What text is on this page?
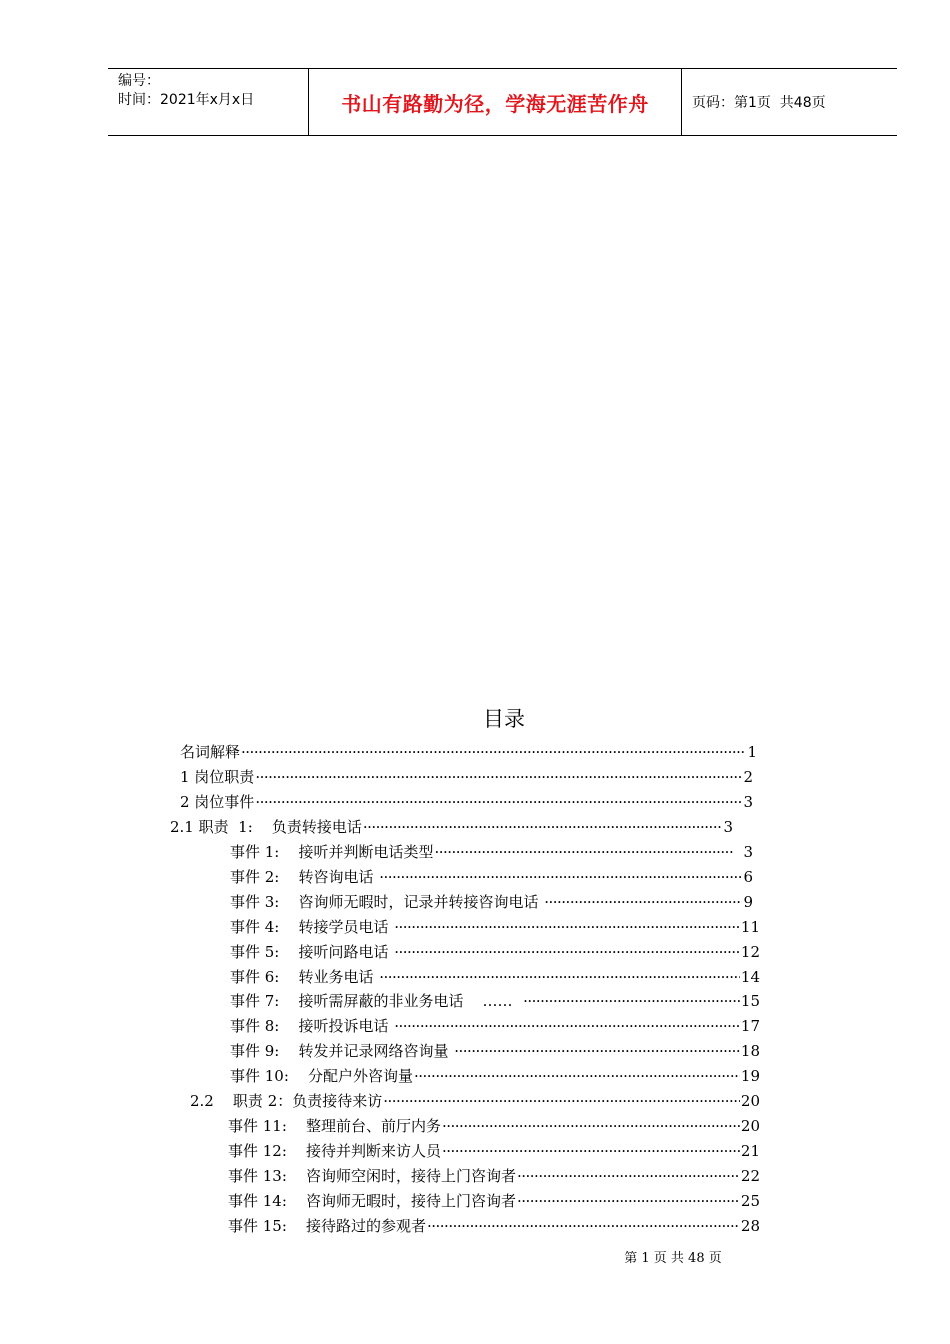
编号：
时间：2021年x月x日	书山有路勤为径，学海无涯苦作舟	页码：第1页  共48页
目录
名词解释 ·····	1
1 岗位职责 ·····	2
2 岗位事件 ·····	3
2.1 职责  1:    负责转接电话 ·····	3
事件 1:    接听并判断电话类型 ·····	3
事件 2:    转咨询电话 ·····	6
事件 3:    咨询师无暇时，记录并转接咨询电话 ·····	9
事件 4:    转接学员电话 ·····	11
事件 5:    接听问路电话 ·····	12
事件 6:    转业务电话 ·····	14
事件 7:    接听需屏蔽的非业务电话    …… ·····	15
事件 8:    接听投诉电话 ·····	17
事件 9:    转发并记录网络咨询量 ·····	18
事件 10:    分配户外咨询量 ·····	19
2.2    职责 2：负责接待来访 ·····	20
事件 11:    整理前台、前厅内务 ·····	20
事件 12:    接待并判断来访人员 ·····	21
事件 13:    咨询师空闲时，接待上门咨询者 ·····	22
事件 14:    咨询师无暇时，接待上门咨询者 ·····	25
事件 15:    接待路过的参观者 ·····	28
第 1 页 共 48 页
